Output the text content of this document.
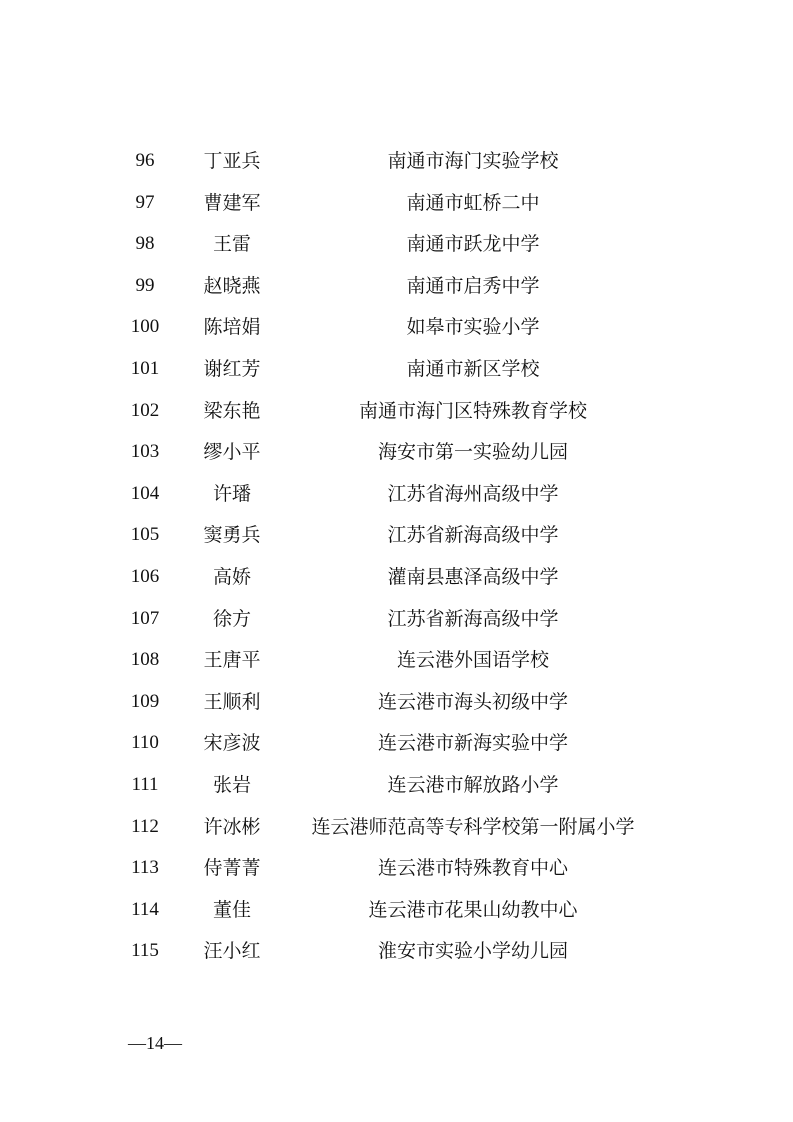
96	丁亚兵	南通市海门实验学校
97	曹建军	南通市虹桥二中
98	王雷	南通市跃龙中学
99	赵晓燕	南通市启秀中学
100	陈培娟	如皋市实验小学
101	谢红芳	南通市新区学校
102	梁东艳	南通市海门区特殊教育学校
103	缪小平	海安市第一实验幼儿园
104	许璠	江苏省海州高级中学
105	窦勇兵	江苏省新海高级中学
106	高娇	灌南县惠泽高级中学
107	徐方	江苏省新海高级中学
108	王唐平	连云港外国语学校
109	王顺利	连云港市海头初级中学
110	宋彦波	连云港市新海实验中学
111	张岩	连云港市解放路小学
112	许冰彬	连云港师范高等专科学校第一附属小学
113	侍菁菁	连云港市特殊教育中心
114	董佳	连云港市花果山幼教中心
115	汪小红	淮安市实验小学幼儿园
—14—
